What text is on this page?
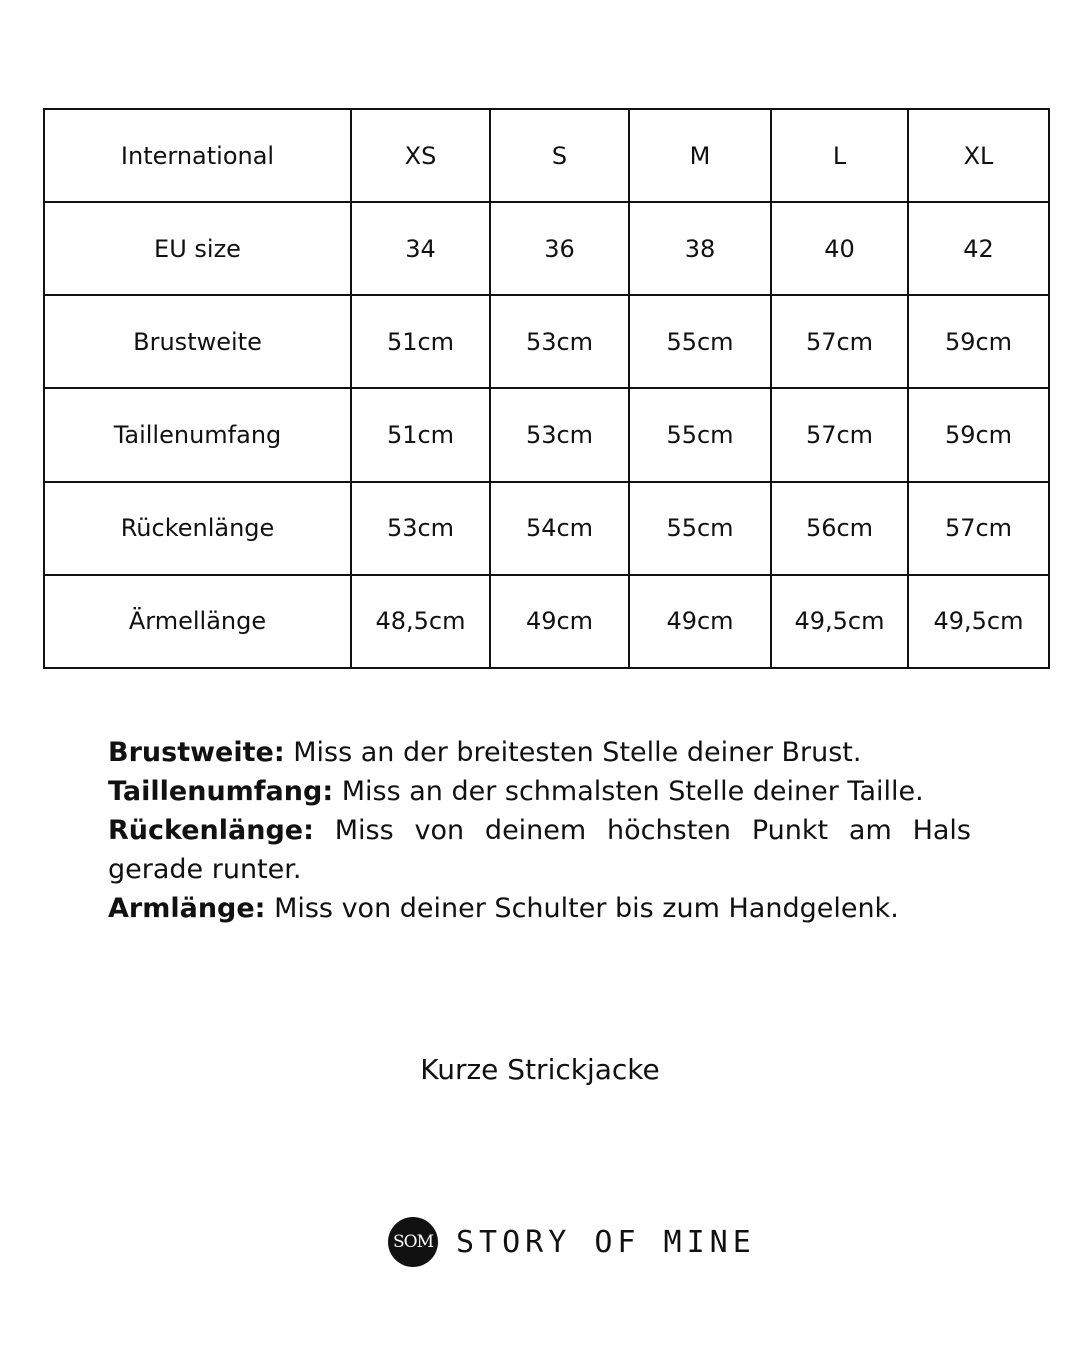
International	XS	S	M	L	XL
EU size	34	36	38	40	42
Brustweite	51cm	53cm	55cm	57cm	59cm
Taillenumfang	51cm	53cm	55cm	57cm	59cm
Rückenlänge	53cm	54cm	55cm	56cm	57cm
Ärmellänge	48,5cm	49cm	49cm	49,5cm	49,5cm

Brustweite: Miss an der breitesten Stelle deiner Brust.

Taillenumfang: Miss an der schmalsten Stelle deiner Taille.

Rückenlänge: Miss von deinem höchsten Punkt am Hals gerade runter.

Armlänge: Miss von deiner Schulter bis zum Handgelenk.

Kurze Strickjacke
SOM STORY OF MINE
